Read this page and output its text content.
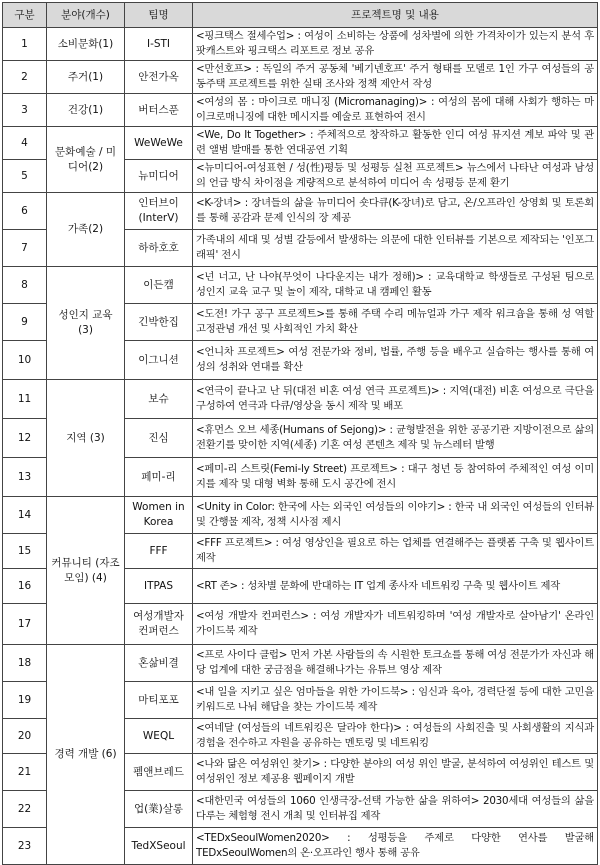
구분	분야(개수)	팀명	프로젝트명 및 내용
1	소비문화(1)	I-STI	<핑크택스 절세수업> : 여성이 소비하는 상품에 성차별에 의한 가격차이가 있는지 분석 후 팟캐스트와 핑크택스 리포트로 정보 공유
2	주거(1)	안전가옥	<만선호프> : 독일의 주거 공동체 '베기넨호프' 주거 형태를 모델로 1인 가구 여성들의 공동주택 프로젝트를 위한 실태 조사와 정책 제안서 작성
3	건강(1)	버터스푼	<여성의 몸 : 마이크로 매니징 (Micromanaging)> : 여성의 몸에 대해 사회가 행하는 마이크로매니징에 대한 메시지를 예술로 표현하여 전시
4	문화예술 / 미디어(2)	WeWeWe	<We, Do It Together> : 주체적으로 창작하고 활동한 인디 여성 뮤지션 계보 파악 및 관련 앨범 발매를 통한 연대공연 기획
5		뉴미디어	<뉴미디어-여성표현 / 성(性)평등 및 성평등 실천 프로젝트> 뉴스에서 나타난 여성과 남성의 언급 방식 차이점을 계량적으로 분석하여 미디어 속 성평등 문제 환기
6	가족(2)	인터브이 (InterV)	<K-장녀> : 장녀들의 삶을 뉴미디어 숏다큐(K-장녀)로 담고, 온/오프라인 상영회 및 토론회를 통해 공감과 문제 인식의 장 제공
7		하하호호	가족내의 세대 및 성별 갈등에서 발생하는 의문에 대한 인터뷰를 기본으로 제작되는 '인포그래픽' 전시
8	성인지 교육 (3)	이든캠	<넌 너고, 난 나야(무엇이 나다운지는 내가 정해)> : 교육대학교 학생들로 구성된 팀으로 성인지 교육 교구 및 놀이 제작, 대학교 내 캠페인 활동
9		긴박한집	<도전! 가구 공구 프로젝트>를 통해 주택 수리 메뉴얼과 가구 제작 워크숍을 통해 성 역할 고정관념 개선 및 사회적인 가치 확산
10		이그니션	<언니차 프로젝트> 여성 전문가와 정비, 법률, 주행 등을 배우고 실습하는 행사를 통해 여성의 성취와 연대를 확산
11	지역 (3)	보슈	<연극이 끝나고 난 뒤(대전 비혼 여성 연극 프로젝트)> : 지역(대전) 비혼 여성으로 극단을 구성하여 연극과 다큐/영상을 동시 제작 및 배포
12		진심	<휴먼스 오브 세종(Humans of Sejong)> : 균형발전을 위한 공공기관 지방이전으로 삶의 전환기를 맞이한 지역(세종) 기혼 여성 콘텐츠 제작 및 뉴스레터 발행
13		페미-리	<페미-리 스트릿(Femi-ly Street) 프로젝트> : 대구 청년 등 참여하여 주체적인 여성 이미지를 제작 및 대형 벽화 통해 도시 공간에 전시
14	커뮤니티 (자조모임) (4)	Women in Korea	<Unity in Color: 한국에 사는 외국인 여성들의 이야기> : 한국 내 외국인 여성들의 인터뷰 및 간행물 제작, 정책 시사점 제시
15		FFF	<FFF 프로젝트> : 여성 영상인을 필요로 하는 업체를 연결해주는 플랫폼 구축 및 웹사이트 제작
16		ITPAS	<RT 존> : 성차별 문화에 반대하는 IT 업계 종사자 네트워킹 구축 및 웹사이트 제작
17		여성개발자 컨퍼런스	<여성 개발자 컨퍼런스> : 여성 개발자가 네트워킹하며 '여성 개발자로 살아남기' 온라인 가이드북 제작
18	경력 개발 (6)	혼삶비결	<프로 사이다 클럽> 먼저 가본 사람들의 속 시원한 토크쇼를 통해 여성 전문가가 자신과 해당 업계에 대한 궁금점을 해결해나가는 유튜브 영상 제작
19		마티포포	<내 일을 지키고 싶은 엄마들을 위한 가이드북> : 임신과 육아, 경력단절 등에 대한 고민을 키워드로 나눠 해답을 찾는 가이드북 제작
20		WEQL	<여네달 (여성들의 네트워킹은 달라야 한다)> : 여성들의 사회진출 및 사회생활의 지식과 경험을 전수하고 자원을 공유하는 멘토링 및 네트워킹
21		펨앤브레드	<나와 닮은 여성위인 찾기> : 다양한 분야의 여성 위인 발굴, 분석하여 여성위인 테스트 및 여성위인 정보 제공용 웹페이지 개발
22		업(業)살롱	<대한민국 여성들의 1060 인생극장-선택 가능한 삶을 위하여> 2030세대 여성들의 삶을 다루는 체험형 전시 개최 및 인터뷰집 제작
23		TedXSeoul	<TEDxSeoulWomen2020> : 성평등을 주제로 다양한 연사를 발굴해 TEDxSeoulWomen의 온·오프라인 행사 통해 공유
